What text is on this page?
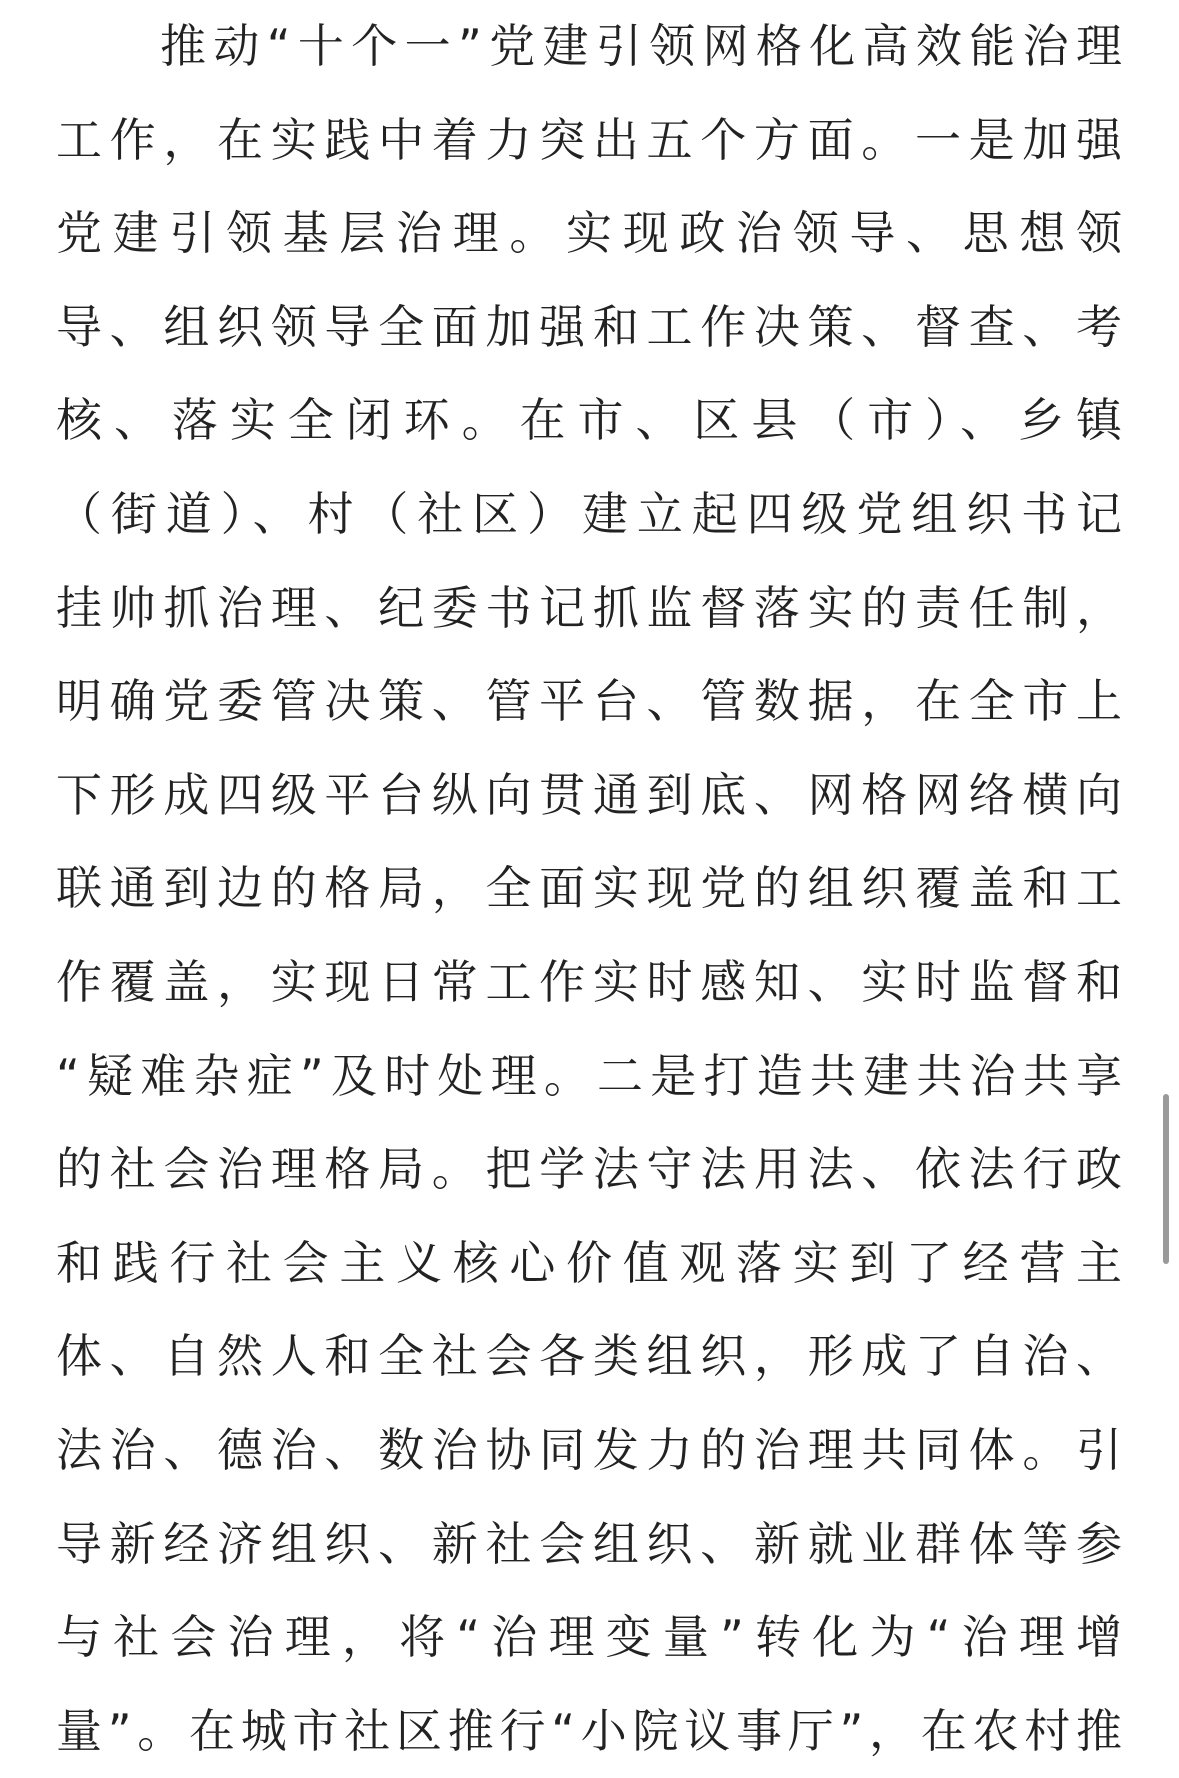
推动“十个一”党建引领网格化高效能治理
工作，在实践中着力突出五个方面。一是加强
党建引领基层治理。实现政治领导、思想领
导、组织领导全面加强和工作决策、督查、考
核、落实全闭环。在市、区县（市）、乡镇
（街道）、村（社区）建立起四级党组织书记
挂帅抓治理、纪委书记抓监督落实的责任制，
明确党委管决策、管平台、管数据，在全市上
下形成四级平台纵向贯通到底、网格网络横向
联通到边的格局，全面实现党的组织覆盖和工
作覆盖，实现日常工作实时感知、实时监督和
“疑难杂症”及时处理。二是打造共建共治共享
的社会治理格局。把学法守法用法、依法行政
和践行社会主义核心价值观落实到了经营主
体、自然人和全社会各类组织，形成了自治、
法治、德治、数治协同发力的治理共同体。引
导新经济组织、新社会组织、新就业群体等参
与社会治理，将“治理变量”转化为“治理增
量”。在城市社区推行“小院议事厅”，在农村推
